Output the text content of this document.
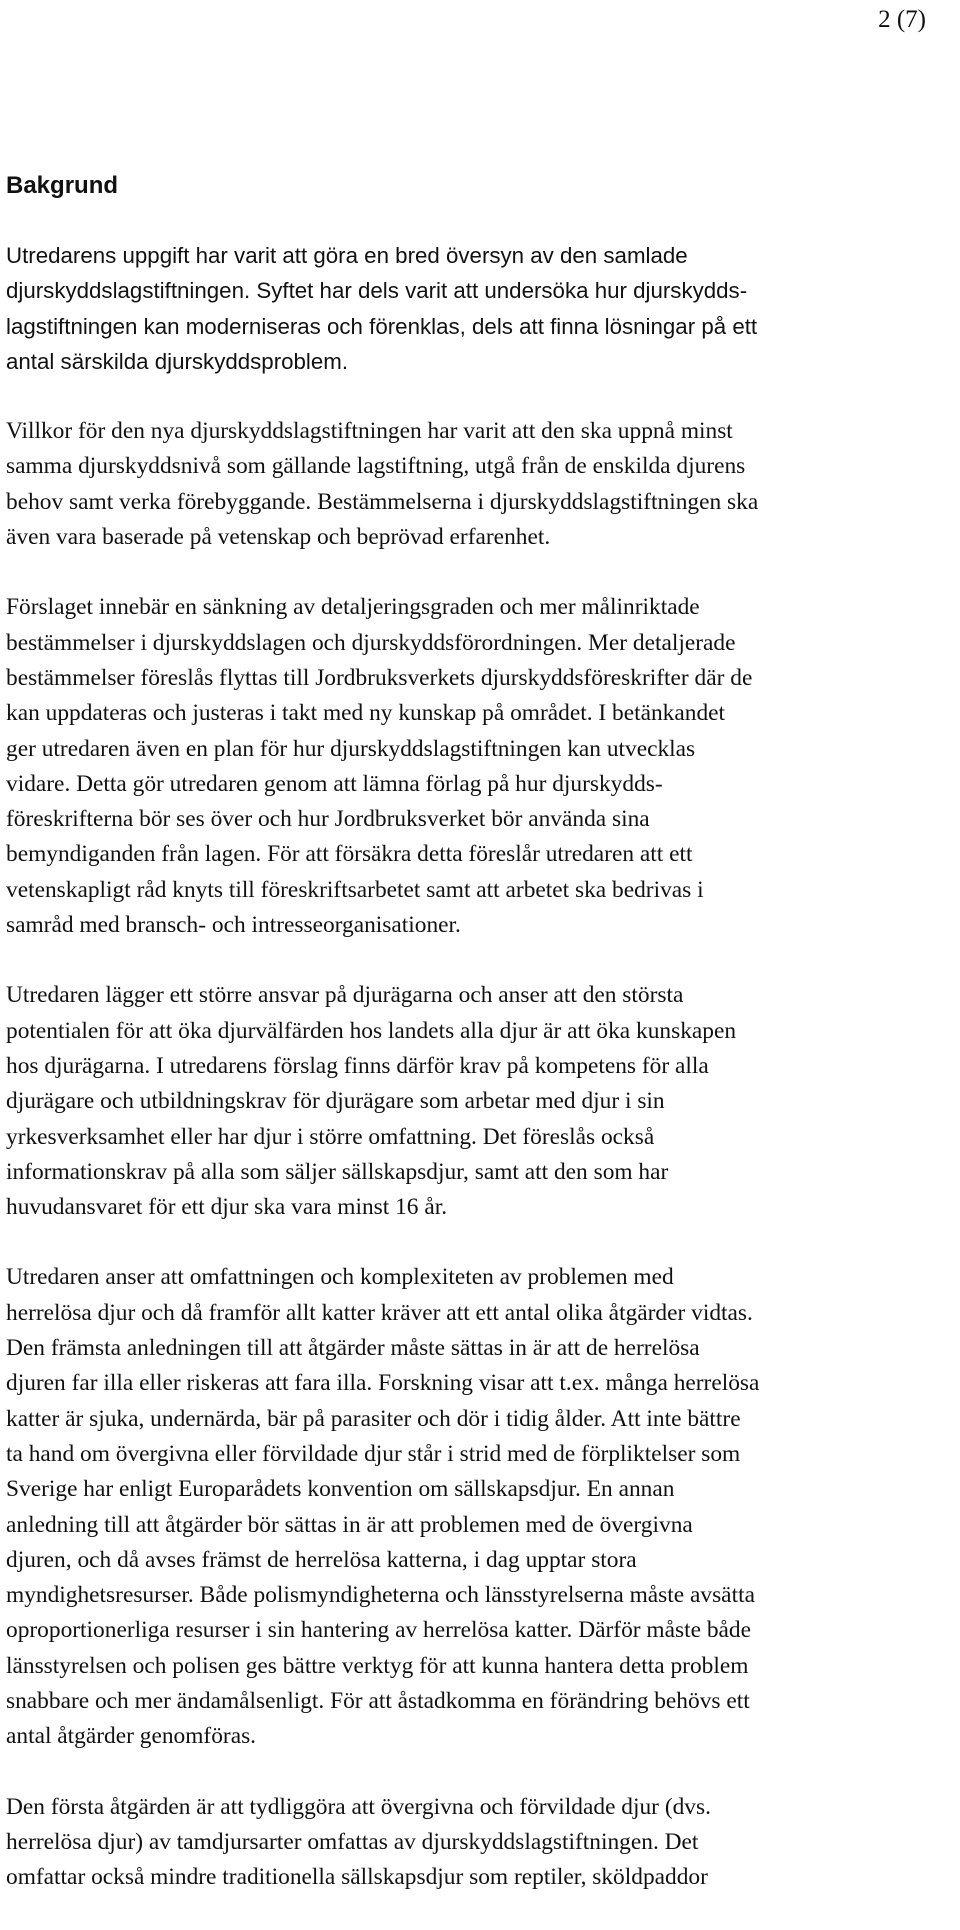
2 (7)
Bakgrund

Utredarens uppgift har varit att göra en bred översyn av den samlade
djurskyddslagstiftningen. Syftet har dels varit att undersöka hur djurskydds-
lagstiftningen kan moderniseras och förenklas, dels att finna lösningar på ett
antal särskilda djurskyddsproblem.

Villkor för den nya djurskyddslagstiftningen har varit att den ska uppnå minst
samma djurskyddsnivå som gällande lagstiftning, utgå från de enskilda djurens
behov samt verka förebyggande. Bestämmelserna i djurskyddslagstiftningen ska
även vara baserade på vetenskap och beprövad erfarenhet.

Förslaget innebär en sänkning av detaljeringsgraden och mer målinriktade
bestämmelser i djurskyddslagen och djurskyddsförordningen. Mer detaljerade
bestämmelser föreslås flyttas till Jordbruksverkets djurskyddsföreskrifter där de
kan uppdateras och justeras i takt med ny kunskap på området. I betänkandet
ger utredaren även en plan för hur djurskyddslagstiftningen kan utvecklas
vidare. Detta gör utredaren genom att lämna förlag på hur djurskydds-
föreskrifterna bör ses över och hur Jordbruksverket bör använda sina
bemyndiganden från lagen. För att försäkra detta föreslår utredaren att ett
vetenskapligt råd knyts till föreskriftsarbetet samt att arbetet ska bedrivas i
samråd med bransch- och intresseorganisationer.

Utredaren lägger ett större ansvar på djurägarna och anser att den största
potentialen för att öka djurvälfärden hos landets alla djur är att öka kunskapen
hos djurägarna. I utredarens förslag finns därför krav på kompetens för alla
djurägare och utbildningskrav för djurägare som arbetar med djur i sin
yrkesverksamhet eller har djur i större omfattning. Det föreslås också
informationskrav på alla som säljer sällskapsdjur, samt att den som har
huvudansvaret för ett djur ska vara minst 16 år.

Utredaren anser att omfattningen och komplexiteten av problemen med
herrelösa djur och då framför allt katter kräver att ett antal olika åtgärder vidtas.
Den främsta anledningen till att åtgärder måste sättas in är att de herrelösa
djuren far illa eller riskeras att fara illa. Forskning visar att t.ex. många herrelösa
katter är sjuka, undernärda, bär på parasiter och dör i tidig ålder. Att inte bättre
ta hand om övergivna eller förvildade djur står i strid med de förpliktelser som
Sverige har enligt Europarådets konvention om sällskapsdjur. En annan
anledning till att åtgärder bör sättas in är att problemen med de övergivna
djuren, och då avses främst de herrelösa katterna, i dag upptar stora
myndighetsresurser. Både polismyndigheterna och länsstyrelserna måste avsätta
oproportionerliga resurser i sin hantering av herrelösa katter. Därför måste både
länsstyrelsen och polisen ges bättre verktyg för att kunna hantera detta problem
snabbare och mer ändamålsenligt. För att åstadkomma en förändring behövs ett
antal åtgärder genomföras.

Den första åtgärden är att tydliggöra att övergivna och förvildade djur (dvs.
herrelösa djur) av tamdjursarter omfattas av djurskyddslagstiftningen. Det
omfattar också mindre traditionella sällskapsdjur som reptiler, sköldpaddor
